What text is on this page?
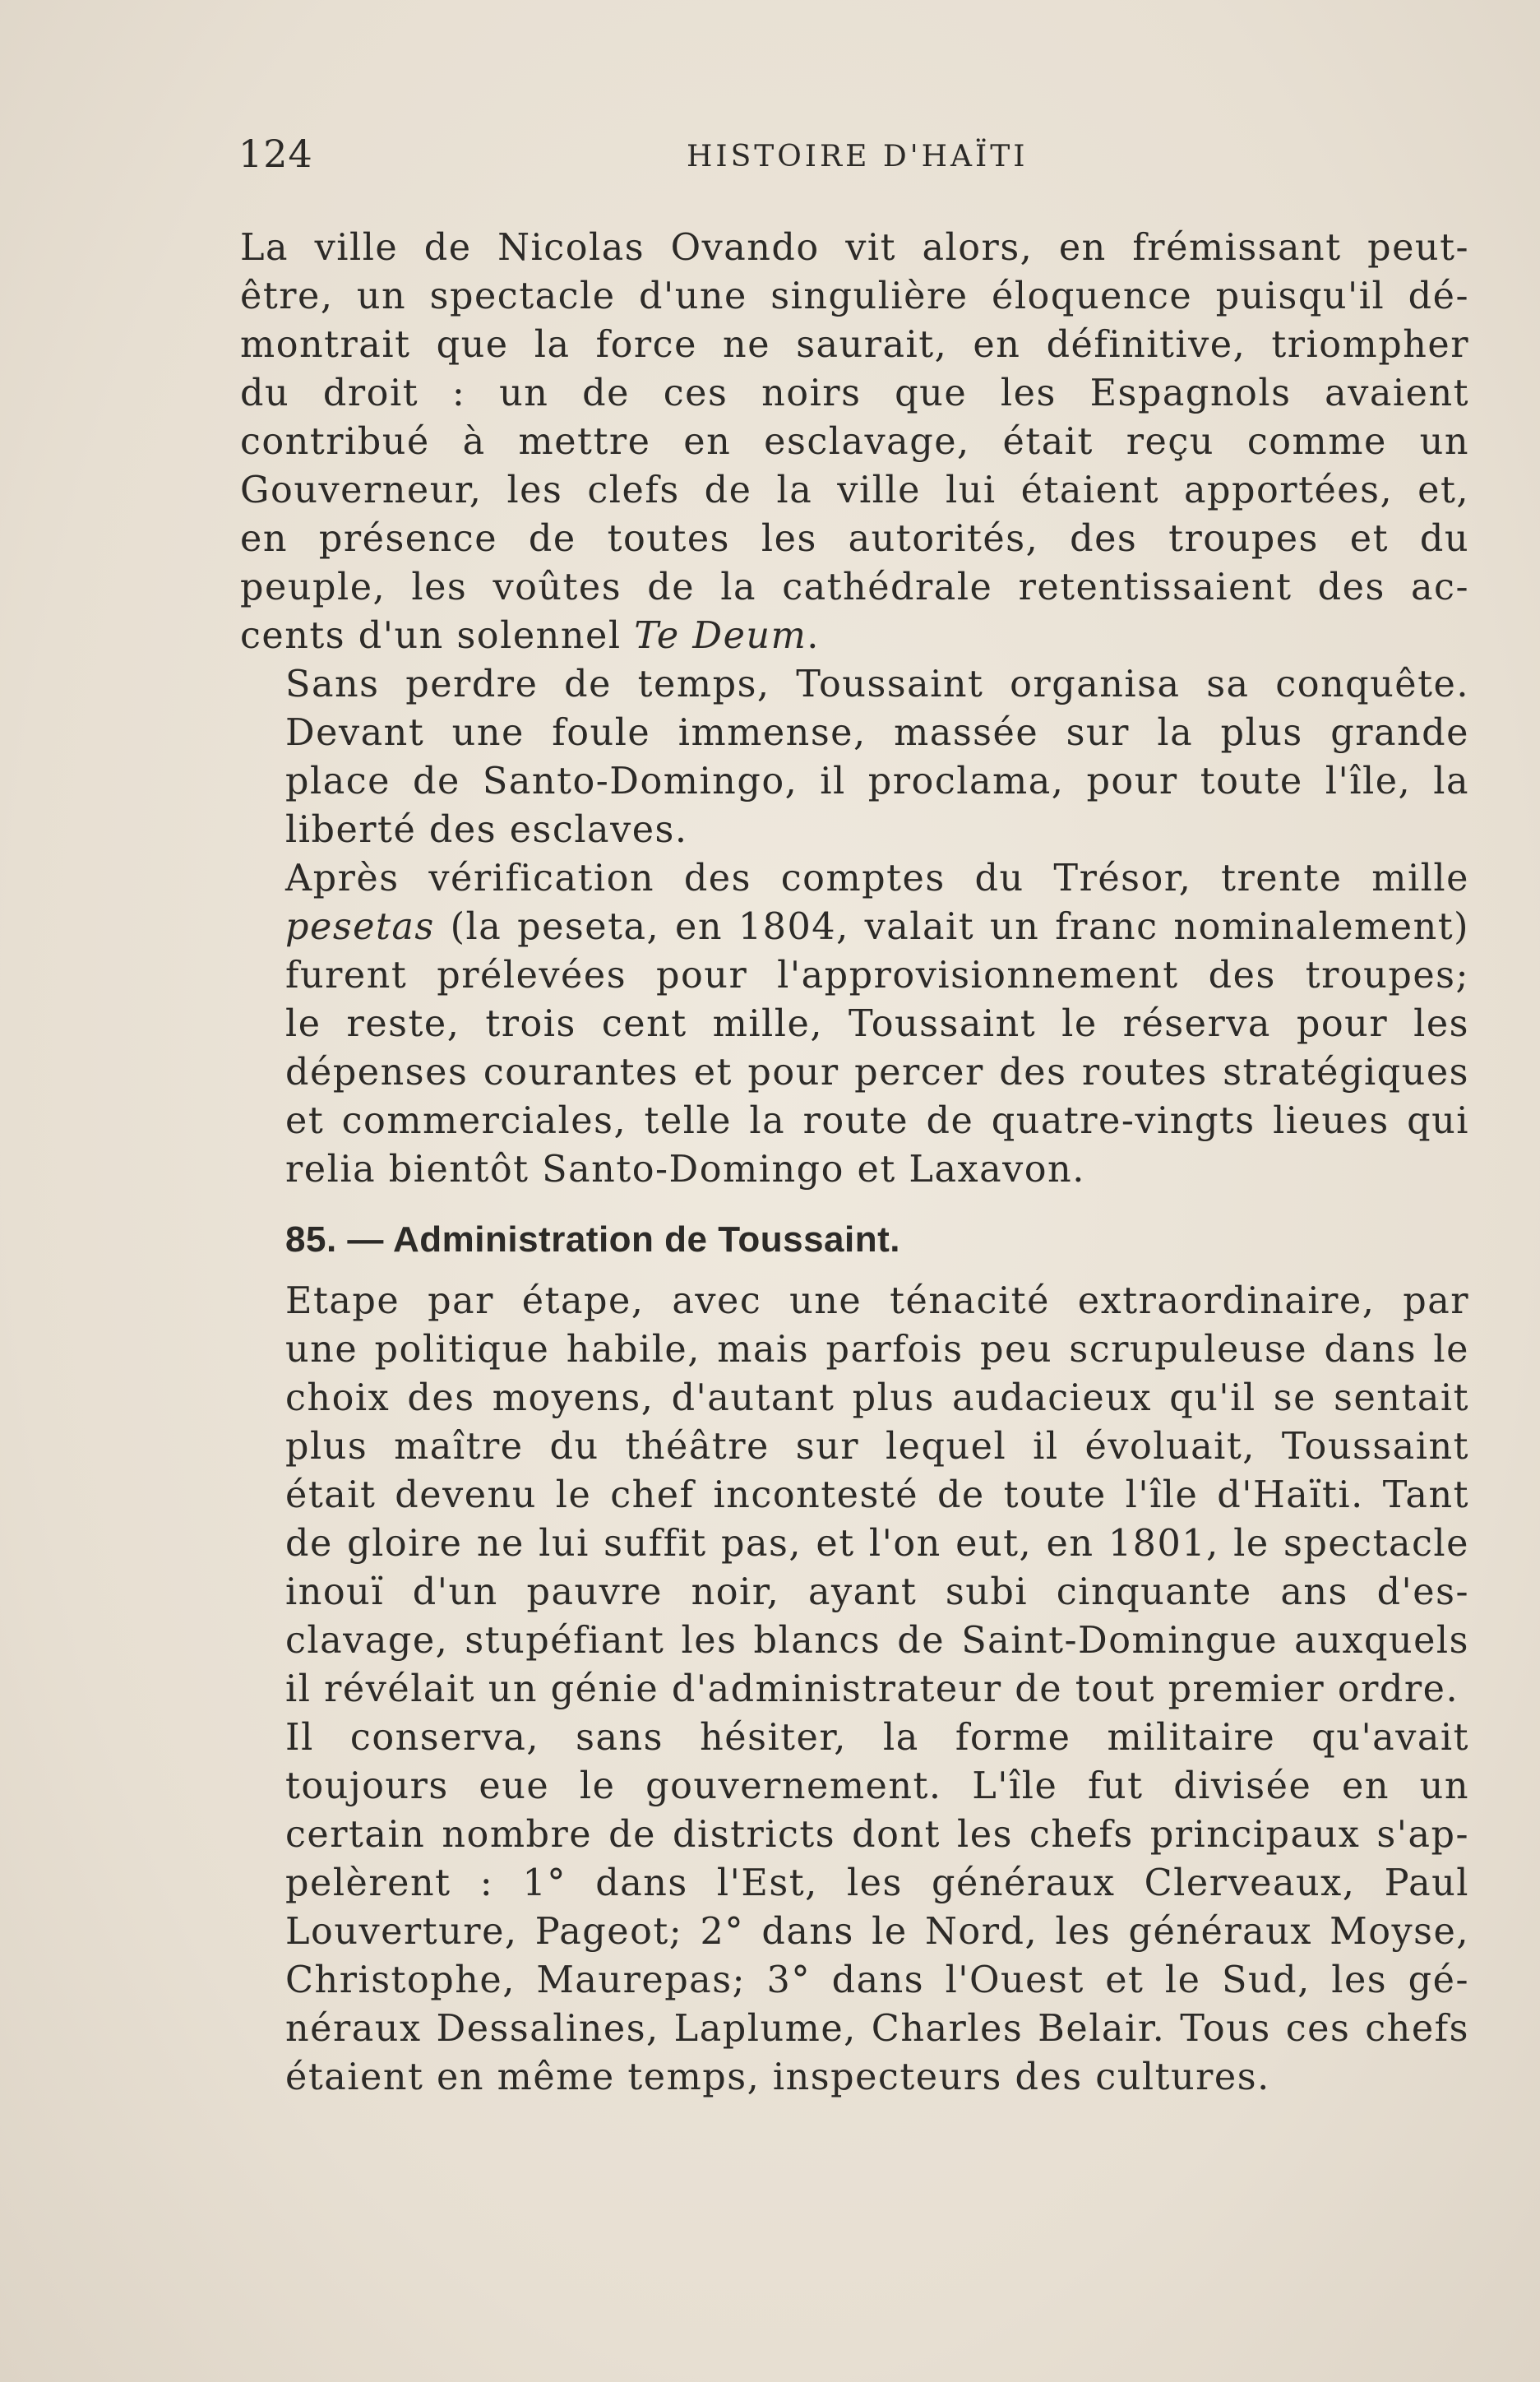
124	HISTOIRE D'HAÏTI
La ville de Nicolas Ovando vit alors, en frémissant peut-
être, un spectacle d'une singulière éloquence puisqu'il dé-
montrait que la force ne saurait, en définitive, triompher
du droit : un de ces noirs que les Espagnols avaient
contribué à mettre en esclavage, était reçu comme un
Gouverneur, les clefs de la ville lui étaient apportées, et,
en présence de toutes les autorités, des troupes et du
peuple, les voûtes de la cathédrale retentissaient des ac-
cents d'un solennel Te Deum.
Sans perdre de temps, Toussaint organisa sa conquête.
Devant une foule immense, massée sur la plus grande
place de Santo-Domingo, il proclama, pour toute l'île, la
liberté des esclaves.
Après vérification des comptes du Trésor, trente mille
pesetas (la peseta, en 1804, valait un franc nominalement)
furent prélevées pour l'approvisionnement des troupes;
le reste, trois cent mille, Toussaint le réserva pour les
dépenses courantes et pour percer des routes stratégiques
et commerciales, telle la route de quatre-vingts lieues qui
relia bientôt Santo-Domingo et Laxavon.
85. — Administration de Toussaint.
Etape par étape, avec une ténacité extraordinaire, par
une politique habile, mais parfois peu scrupuleuse dans le
choix des moyens, d'autant plus audacieux qu'il se sentait
plus maître du théâtre sur lequel il évoluait, Toussaint
était devenu le chef incontesté de toute l'île d'Haïti. Tant
de gloire ne lui suffit pas, et l'on eut, en 1801, le spectacle
inouï d'un pauvre noir, ayant subi cinquante ans d'es-
clavage, stupéfiant les blancs de Saint-Domingue auxquels
il révélait un génie d'administrateur de tout premier ordre.
Il conserva, sans hésiter, la forme militaire qu'avait
toujours eue le gouvernement. L'île fut divisée en un
certain nombre de districts dont les chefs principaux s'ap-
pelèrent : 1° dans l'Est, les généraux Clerveaux, Paul
Louverture, Pageot; 2° dans le Nord, les généraux Moyse,
Christophe, Maurepas; 3° dans l'Ouest et le Sud, les gé-
néraux Dessalines, Laplume, Charles Belair. Tous ces chefs
étaient en même temps, inspecteurs des cultures.
